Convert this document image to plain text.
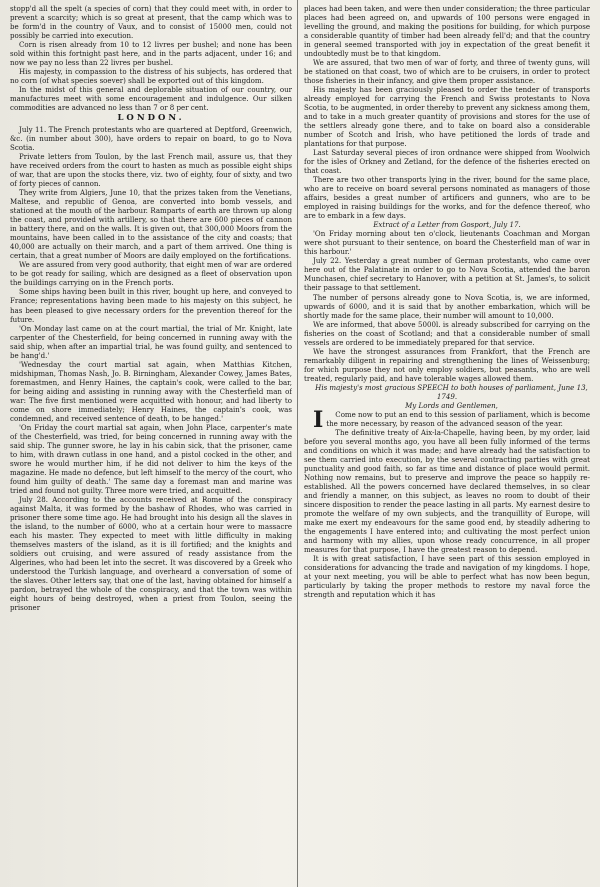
stopp'd all the spelt (a species of corn) that they could meet with, in order to prevent a scarcity; which is so great at present, that the camp which was to be form'd in the country of Vaux, and to consist of 15000 men, could not possibly be carried into execution.

Corn is risen already from 10 to 12 livres per bushel; and none has been sold within this fortnight past here, and in the parts adjacent, under 16; and now we pay no less than 22 livres per bushel.

His majesty, in compassion to the distress of his subjects, has ordered that no corn (of what species soever) shall be exported out of this kingdom.

In the midst of this general and deplorable situation of our country, our manufactures meet with some encouragement and indulgence. Our silken commodities are advanced no less than 7 or 8 per cent.

LONDON.

July 11. The French protestants who are quartered at Deptford, Greenwich, &c. (in number about 300), have orders to repair on board, to go to Nova Scotia.

Private letters from Toulon, by the last French mail, assure us, that they have received orders from the court to hasten as much as possible eight ships of war, that are upon the stocks there, viz. two of eighty, four of sixty, and two of forty pieces of cannon.

They write from Algiers, June 10, that the prizes taken from the Venetians, Maltese, and republic of Genoa, are converted into bomb vessels, and stationed at the mouth of the harbour. Ramparts of earth are thrown up along the coast, and provided with artillery, so that there are 600 pieces of cannon in battery there, and on the walls. It is given out, that 300,000 Moors from the mountains, have been called in to the assistance of the city and coasts; that 40,000 are actually on their march, and a part of them arrived. One thing is certain, that a great number of Moors are daily employed on the fortifications.

We are assured from very good authority, that eight men of war are ordered to be got ready for sailing, which are designed as a fleet of observation upon the buildings carrying on in the French ports.

Some ships having been built in this river, bought up here, and conveyed to France; representations having been made to his majesty on this subject, he has been pleased to give necessary orders for the prevention thereof for the future.

'On Monday last came on at the court martial, the trial of Mr. Knight, late carpenter of the Chesterfield, for being concerned in running away with the said ship, when after an impartial trial, he was found guilty, and sentenced to be hang'd.'

'Wednesday the court martial sat again, when Matthias Kitchen, midshipman, Thomas Nash, Jo. B. Birningham, Alexander Cowey, James Bates, foremastmen, and Henry Haines, the captain's cook, were called to the bar, for being aiding and assisting in running away with the Chesterfield man of war: The five first mentioned were acquitted with honour, and had liberty to come on shore immediately; Henry Haines, the captain's cook, was condemned, and received sentence of death, to be hanged.'

'On Friday the court martial sat again, when John Place, carpenter's mate of the Chesterfield, was tried, for being concerned in running away with the said ship. The gunner swore, he lay in his cabin sick, that the prisoner, came to him, with drawn cutlass in one hand, and a pistol cocked in the other, and swore he would murther him, if he did not deliver to him the keys of the magazine. He made no defence, but left himself to the mercy of the court, who found him guilty of death.' The same day a foremast man and marine was tried and found not guilty. Three more were tried, and acquitted.

July 28. According to the accounts received at Rome of the conspiracy against Malta, it was formed by the bashaw of Rhodes, who was carried in prisoner there some time ago. He had brought into his design all the slaves in the island, to the number of 6000, who at a certain hour were to massacre each his master. They expected to meet with little difficulty in making themselves masters of the island, as it is ill fortified; and the knights and soldiers out cruising, and were assured of ready assistance from the Algerines, who had been let into the secret. It was discovered by a Greek who understood the Turkish language, and overheard a conversation of some of the slaves. Other letters say, that one of the last, having obtained for himself a pardon, betrayed the whole of the conspiracy, and that the town was within eight hours of being destroyed, when a priest from Toulon, seeing the prisoner

places had been taken, and were then under consideration; the three particular places had been agreed on, and upwards of 100 persons were engaged in levelling the ground, and making the positions for building, for which purpose a considerable quantity of timber had been already fell'd; and that the country in general seemed transported with joy in expectation of the great benefit it undoubtedly must be to that kingdom.

We are assured, that two men of war of forty, and three of twenty guns, will be stationed on that coast, two of which are to be cruisers, in order to protect those fisheries in their infancy, and give them proper assistance.

His majesty has been graciously pleased to order the tender of transports already employed for carrying the French and Swiss protestants to Nova Scotia, to be augmented, in order thereby to prevent any sickness among them, and to take in a much greater quantity of provisions and stores for the use of the settlers already gone there, and to take on board also a considerable number of Scotch and Irish, who have petitioned the lords of trade and plantations for that purpose.

Last Saturday several pieces of iron ordnance were shipped from Woolwich for the isles of Orkney and Zetland, for the defence of the fisheries erected on that coast.

There are two other transports lying in the river, bound for the same place, who are to receive on board several persons nominated as managers of those affairs, besides a great number of artificers and gunners, who are to be employed in raising buildings for the works, and for the defence thereof, who are to embark in a few days.

Extract of a Letter from Gosport, July 17.

'On Friday morning about ten o'clock, lieutenants Coachman and Morgan were shot pursuant to their sentence, on board the Chesterfield man of war in this harbour.'

July 22. Yesterday a great number of German protestants, who came over here out of the Palatinate in order to go to Nova Scotia, attended the baron Munchasen, chief secretary to Hanover, with a petition at St. James's, to solicit their passage to that settlement.

The number of persons already gone to Nova Scotia, is, we are informed, upwards of 6000, and it is said that by another embarkation, which will be shortly made for the same place, their number will amount to 10,000.

We are informed, that above 5000l. is already subscribed for carrying on the fisheries on the coast of Scotland; and that a considerable number of small vessels are ordered to be immediately prepared for that service.

We have the strongest assurances from Frankfort, that the French are remarkably diligent in repairing and strengthening the lines of Weissenburg; for which purpose they not only employ soldiers, but peasants, who are well treated, regularly paid, and have tolerable wages allowed them.

His majesty's most gracious SPEECH to both houses of parliament, June 13, 1749.

My Lords and Gentlemen,

I Come now to put an end to this session of parliament, which is become the more necessary, by reason of the advanced season of the year.

The definitive treaty of Aix-la-Chapelle, having been, by my order, laid before you several months ago, you have all been fully informed of the terms and conditions on which it was made; and have already had the satisfaction to see them carried into execution, by the several contracting parties with great punctuality and good faith, so far as time and distance of place would permit. Nothing now remains, but to preserve and improve the peace so happily re-established. All the powers concerned have declared themselves, in so clear and friendly a manner, on this subject, as leaves no room to doubt of their sincere disposition to render the peace lasting in all parts. My earnest desire to promote the welfare of my own subjects, and the tranquillity of Europe, will make me exert my endeavours for the same good end, by steadily adhering to the engagements I have entered into; and cultivating the most perfect union and harmony with my allies, upon whose ready concurrence, in all proper measures for that purpose, I have the greatest reason to depend.

It is with great satisfaction, I have seen part of this session employed in considerations for advancing the trade and navigation of my kingdoms. I hope, at your next meeting, you will be able to perfect what has now been begun, particularly by taking the proper methods to restore my naval force the strength and reputation which it has
